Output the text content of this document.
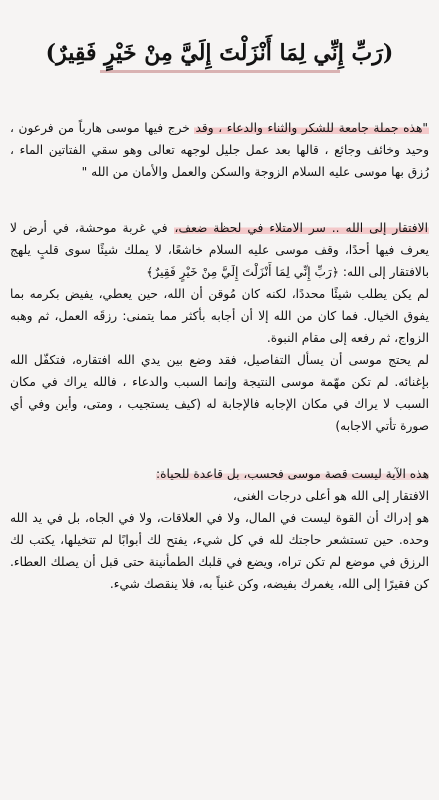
(رَبِّ إِنِّي لِمَا أَنْزَلْتَ إِلَيَّ مِنْ خَيْرٍ فَقِيرٌ)
"هذه جملة جامعة للشكر والثناء والدعاء ، وقد خرج فيها موسى هارباً من فرعون ، وحيد وخائف وجائع ، قالها بعد عمل جليل لوجهه تعالى وهو سقي الفتاتين الماء ، رُزق بها موسى عليه السلام الزوجة والسكن والعمل والأمان من الله "

الافتقار إلى الله .. سر الامتلاء في لحظة ضعف، في غربة موحشة، في أرض لا يعرف فيها أحدًا، وقف موسى عليه السلام خاشعًا، لا يملك شيئًا سوى قلبٍ يلهج بالافتقار إلى الله: ﴿رَبِّ إِنِّي لِمَا أَنْزَلْتَ إِلَيَّ مِنْ خَيْرٍ فَقِيرٌ﴾

لم يكن يطلب شيئًا محددًا، لكنه كان مُوقن أن الله، حين يعطي، يفيض بكرمه بما يفوق الخيال. فما كان من الله إلا أن أجابه بأكثر مما يتمنى: رزقَه العمل، ثم وهبه الزواج، ثم رفعه إلى مقام النبوة.

لم يحتج موسى أن يسأل التفاصيل، فقد وضع بين يدي الله افتقاره، فتكفّل الله بإغنائه. لم تكن مهّمة موسى النتيجة وإنما السبب والدعاء ، فالله يراك في مكان السبب لا يراك في مكان الإجابه فالإجابة له (كيف يستجيب ، ومتى، وأين وفي أي صورة تأتي الاجابه)

هذه الآية ليست قصة موسى فحسب، بل قاعدة للحياة:

الافتقار إلى الله هو أعلى درجات الغنى،

هو إدراك أن القوة ليست في المال، ولا في العلاقات، ولا في الجاه، بل في يد الله وحده. حين تستشعر حاجتك لله في كل شيء، يفتح لك أبوابًا لم تتخيلها، يكتب لك الرزق في موضع لم تكن تراه، ويضع في قلبك الطمأنينة حتى قبل أن يصلك العطاء. كن فقيرًا إلى الله، يغمرك بفيضه، وكن غنياً به، فلا ينقصك شيء.
